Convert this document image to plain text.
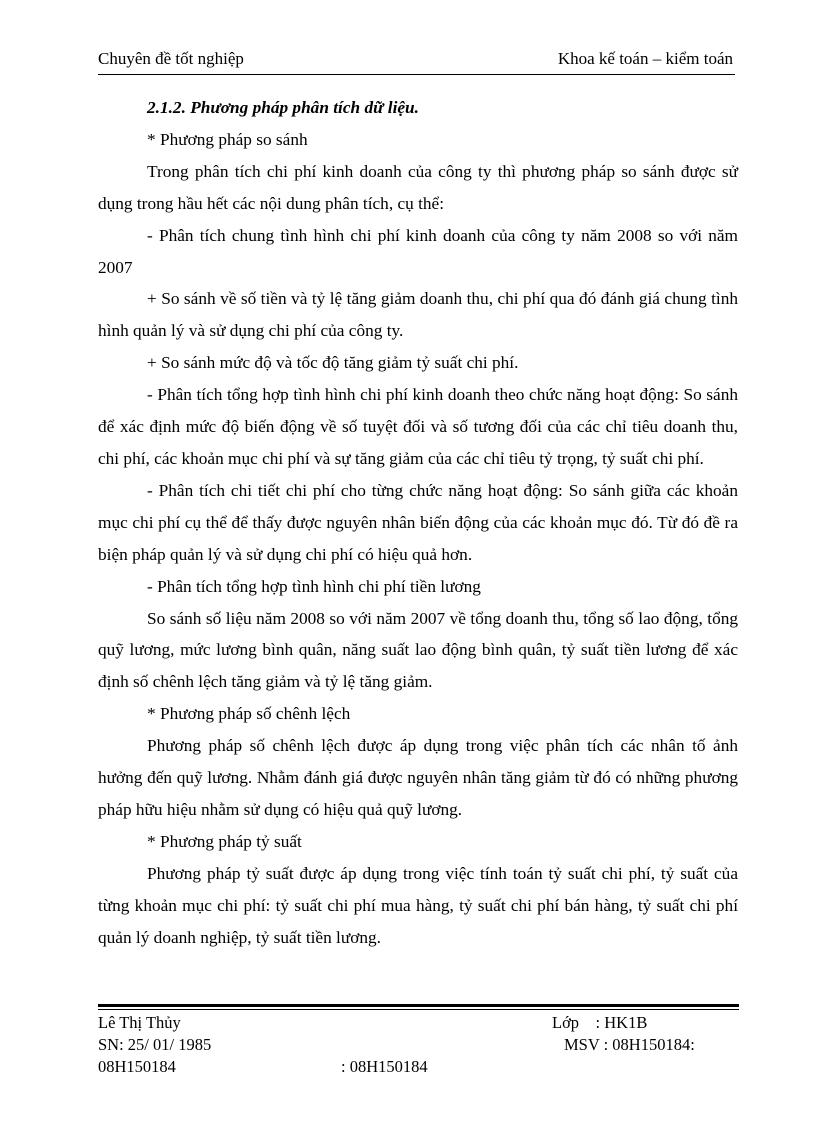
Chuyên đề tốt nghiệp	Khoa kế toán – kiểm toán

2.1.2. Phương pháp phân tích dữ liệu.

* Phương pháp so sánh

Trong phân tích chi phí kinh doanh của công ty thì phương pháp so sánh được sử dụng trong hầu hết các nội dung phân tích, cụ thể:

- Phân tích chung tình hình chi phí kinh doanh của công ty năm 2008 so với năm 2007

+ So sánh về số tiền và tỷ lệ tăng giảm doanh thu, chi phí qua đó đánh giá chung tình hình quản lý và sử dụng chi phí của công ty.

+ So sánh mức độ và tốc độ tăng giảm tỷ suất chi phí.

- Phân tích tổng hợp tình hình chi phí kinh doanh theo chức năng hoạt động: So sánh để xác định mức độ biến động về số tuyệt đối và số tương đối của các chỉ tiêu doanh thu, chi phí, các khoản mục chi phí và sự tăng giảm của các chỉ tiêu tỷ trọng, tỷ suất chi phí.

- Phân tích chi tiết chi phí cho từng chức năng hoạt động: So sánh giữa các khoản mục chi phí cụ thể để thấy được nguyên nhân biến động của các khoản mục đó. Từ đó đề ra biện pháp quản lý và sử dụng chi phí có hiệu quả hơn.

- Phân tích tổng hợp tình hình chi phí tiền lương

So sánh số liệu năm 2008 so với năm 2007 về tổng doanh thu, tổng số lao động, tổng quỹ lương, mức lương bình quân, năng suất lao động bình quân, tỷ suất tiền lương để xác định số chênh lệch tăng giảm và tỷ lệ tăng giảm.

* Phương pháp số chênh lệch

Phương pháp số chênh lệch được áp dụng trong việc phân tích các nhân tố ảnh hưởng đến quỹ lương. Nhằm đánh giá được nguyên nhân tăng giảm từ đó có những phương pháp hữu hiệu nhằm sử dụng có hiệu quả quỹ lương.

* Phương pháp tỷ suất

Phương pháp tỷ suất được áp dụng trong việc tính toán tỷ suất chi phí, tỷ suất của từng khoản mục chi phí: tỷ suất chi phí mua hàng, tỷ suất chi phí bán hàng, tỷ suất chi phí quản lý doanh nghiệp, tỷ suất tiền lương.

Lê Thị Thủy	Lớp    : HK1B
SN: 25/ 01/ 1985	MSV : 08H150184:
08H150184	: 08H150184
